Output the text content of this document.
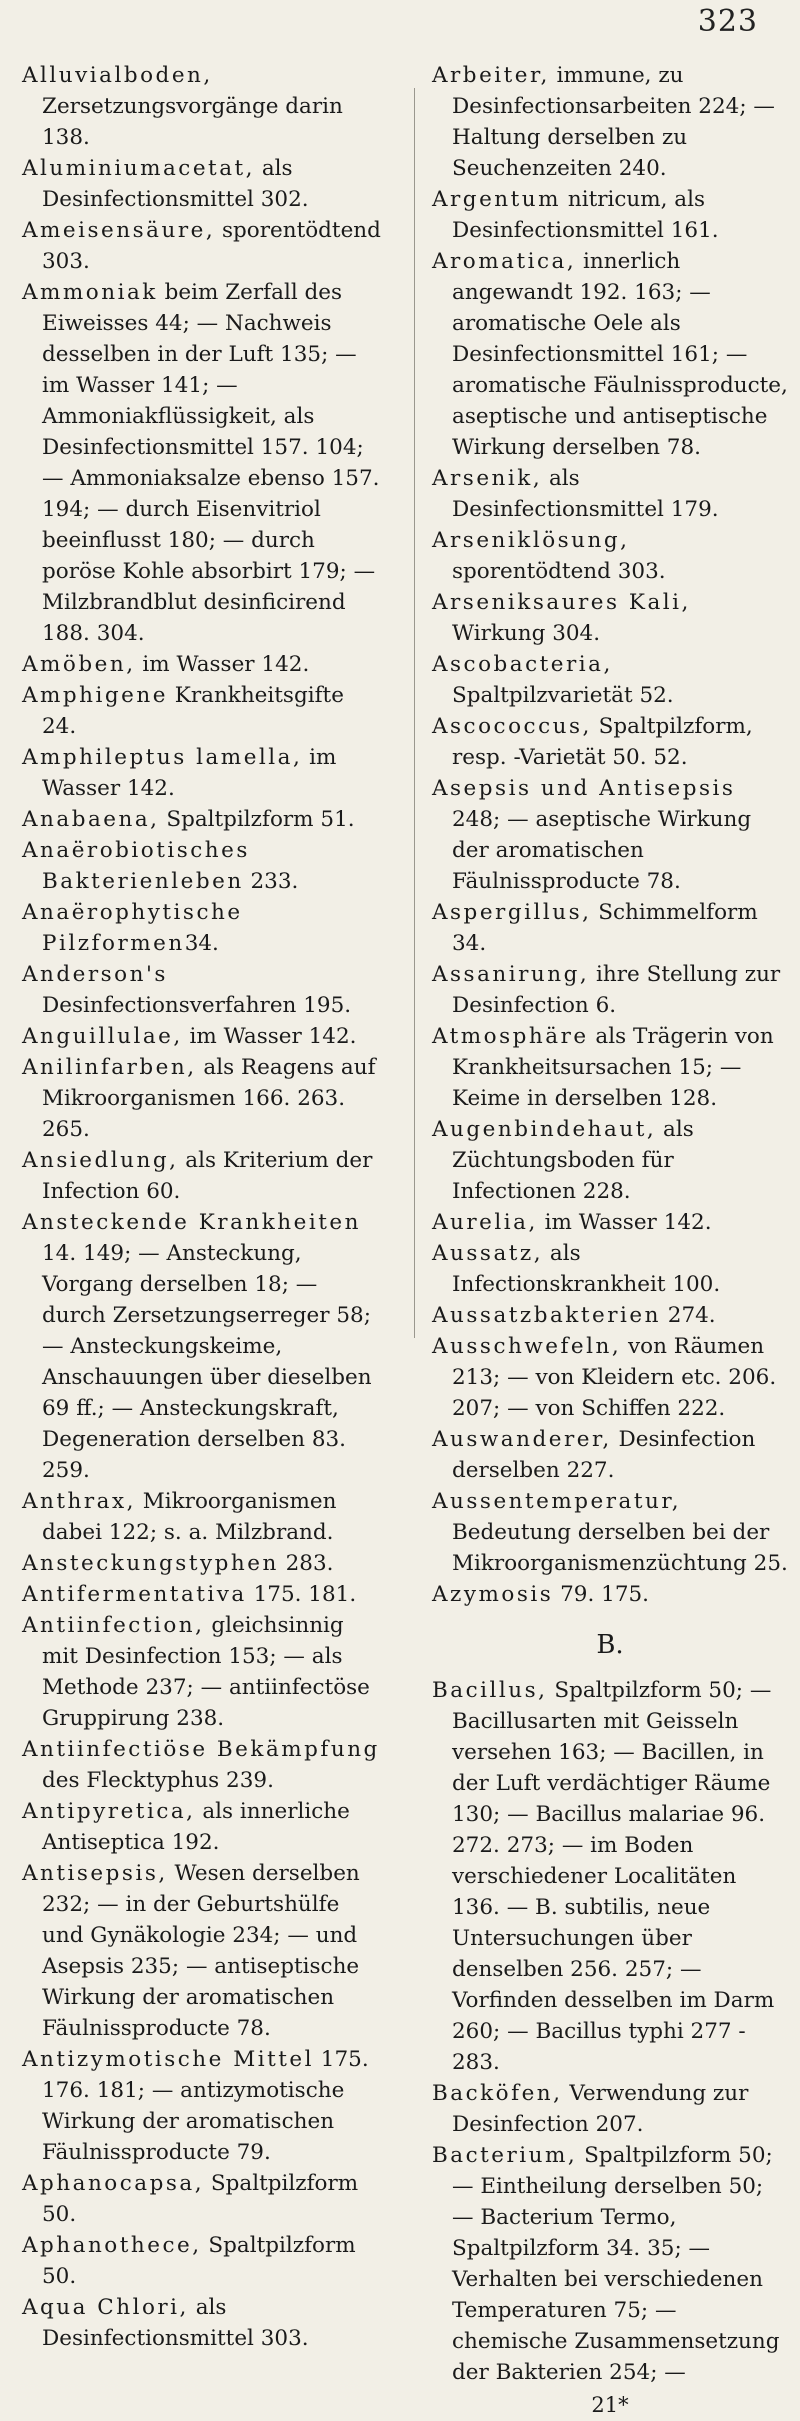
323

Alluvialboden, Zersetzungsvorgänge darin 138.

Aluminiumacetat, als Desinfectionsmittel 302.

Ameisensäure, sporentödtend 303.

Ammoniak beim Zerfall des Eiweisses 44; — Nachweis desselben in der Luft 135; — im Wasser 141; — Ammoniakflüssigkeit, als Desinfectionsmittel 157. 104; — Ammoniaksalze ebenso 157. 194; — durch Eisenvitriol beeinflusst 180; — durch poröse Kohle absorbirt 179; — Milzbrandblut desinficirend 188. 304.

Amöben, im Wasser 142.

Amphigene Krankheitsgifte 24.

Amphileptus lamella, im Wasser 142.

Anabaena, Spaltpilzform 51.

Anaërobiotisches Bakterienleben 233.

Anaërophytische Pilzformen34.

Anderson's Desinfectionsverfahren 195.

Anguillulae, im Wasser 142.

Anilinfarben, als Reagens auf Mikroorganismen 166. 263. 265.

Ansiedlung, als Kriterium der Infection 60.

Ansteckende Krankheiten 14. 149; — Ansteckung, Vorgang derselben 18; — durch Zersetzungserreger 58; — Ansteckungskeime, Anschauungen über dieselben 69 ff.; — Ansteckungskraft, Degeneration derselben 83. 259.

Anthrax, Mikroorganismen dabei 122; s. a. Milzbrand.

Ansteckungstyphen 283.

Antifermentativa 175. 181.

Antiinfection, gleichsinnig mit Desinfection 153; — als Methode 237; — antiinfectöse Gruppirung 238.

Antiinfectiöse Bekämpfung des Flecktyphus 239.

Antipyretica, als innerliche Antiseptica 192.

Antisepsis, Wesen derselben 232; — in der Geburtshülfe und Gynäkologie 234; — und Asepsis 235; — antiseptische Wirkung der aromatischen Fäulnissproducte 78.

Antizymotische Mittel 175. 176. 181; — antizymotische Wirkung der aromatischen Fäulnissproducte 79.

Aphanocapsa, Spaltpilzform 50.

Aphanothece, Spaltpilzform 50.

Aqua Chlori, als Desinfectionsmittel 303.

Arbeiter, immune, zu Desinfectionsarbeiten 224; — Haltung derselben zu Seuchenzeiten 240.

Argentum nitricum, als Desinfectionsmittel 161.

Aromatica, innerlich angewandt 192. 163; — aromatische Oele als Desinfectionsmittel 161; — aromatische Fäulnissproducte, aseptische und antiseptische Wirkung derselben 78.

Arsenik, als Desinfectionsmittel 179.

Arseniklösung, sporentödtend 303.

Arseniksaures Kali, Wirkung 304.

Ascobacteria, Spaltpilzvarietät 52.

Ascococcus, Spaltpilzform, resp. -Varietät 50. 52.

Asepsis und Antisepsis 248; — aseptische Wirkung der aromatischen Fäulnissproducte 78.

Aspergillus, Schimmelform 34.

Assanirung, ihre Stellung zur Desinfection 6.

Atmosphäre als Trägerin von Krankheitsursachen 15; — Keime in derselben 128.

Augenbindehaut, als Züchtungsboden für Infectionen 228.

Aurelia, im Wasser 142.

Aussatz, als Infectionskrankheit 100.

Aussatzbakterien 274.

Ausschwefeln, von Räumen 213; — von Kleidern etc. 206. 207; — von Schiffen 222.

Auswanderer, Desinfection derselben 227.

Aussentemperatur, Bedeutung derselben bei der Mikroorganismenzüchtung 25.

Azymosis 79. 175.

B.

Bacillus, Spaltpilzform 50; — Bacillusarten mit Geisseln versehen 163; — Bacillen, in der Luft verdächtiger Räume 130; — Bacillus malariae 96. 272. 273; — im Boden verschiedener Localitäten 136. — B. subtilis, neue Untersuchungen über denselben 256. 257; — Vorfinden desselben im Darm 260; — Bacillus typhi 277 - 283.

Backöfen, Verwendung zur Desinfection 207.

Bacterium, Spaltpilzform 50; — Eintheilung derselben 50; — Bacterium Termo, Spaltpilzform 34. 35; — Verhalten bei verschiedenen Temperaturen 75; — chemische Zusammensetzung der Bakterien 254; —

21*
